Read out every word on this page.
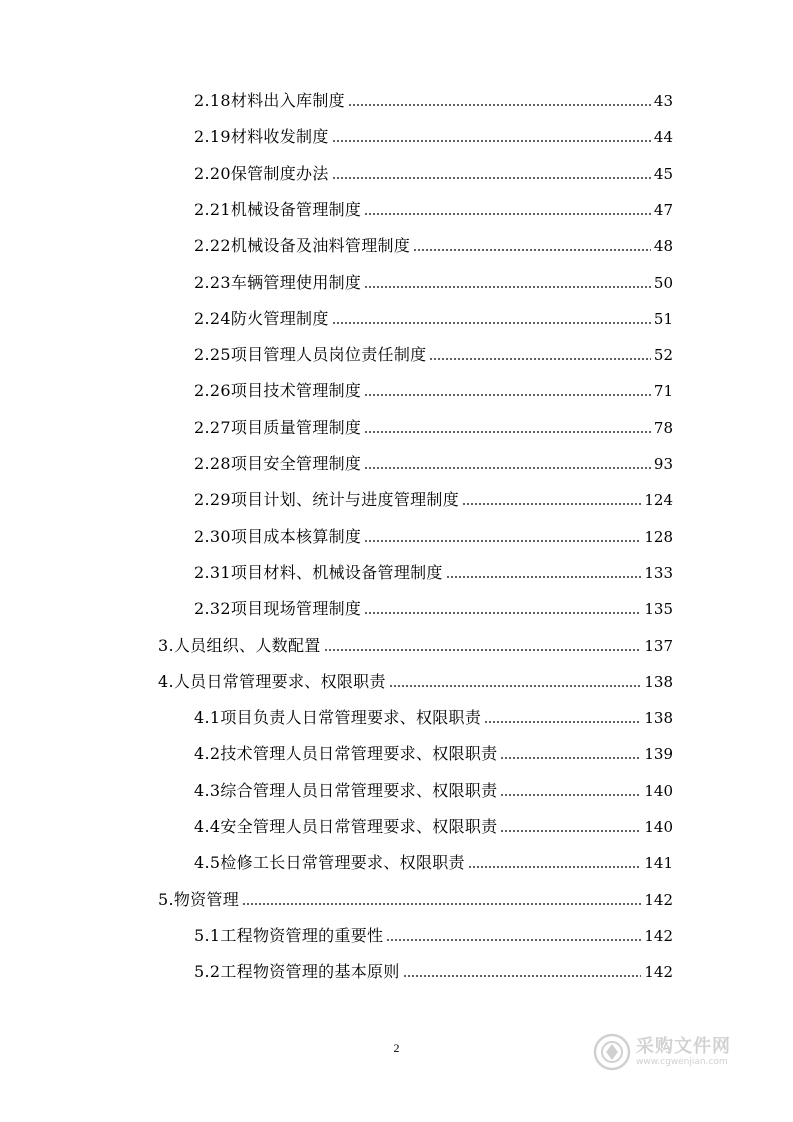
2.18材料出入库制度	43
2.19材料收发制度	44
2.20保管制度办法	45
2.21机械设备管理制度	47
2.22机械设备及油料管理制度	48
2.23车辆管理使用制度	50
2.24防火管理制度	51
2.25项目管理人员岗位责任制度	52
2.26项目技术管理制度	71
2.27项目质量管理制度	78
2.28项目安全管理制度	93
2.29项目计划、统计与进度管理制度	124
2.30项目成本核算制度	128
2.31项目材料、机械设备管理制度	133
2.32项目现场管理制度	135
3.人员组织、人数配置	137
4.人员日常管理要求、权限职责	138
4.1项目负责人日常管理要求、权限职责	138
4.2技术管理人员日常管理要求、权限职责	139
4.3综合管理人员日常管理要求、权限职责	140
4.4安全管理人员日常管理要求、权限职责	140
4.5检修工长日常管理要求、权限职责	141
5.物资管理	142
5.1工程物资管理的重要性	142
5.2工程物资管理的基本原则	142
2	采购文件网
www.cgwenjian.com
